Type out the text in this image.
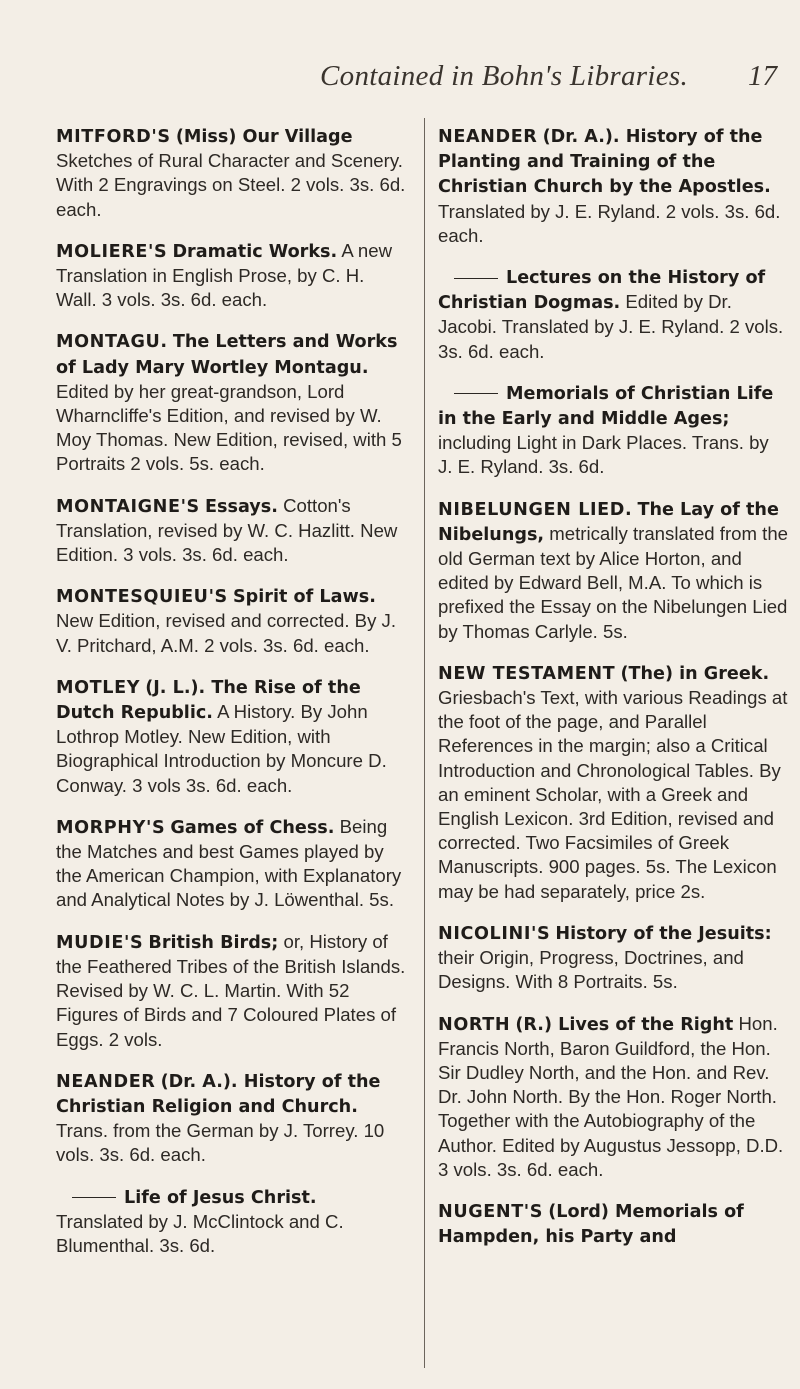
Contained in Bohn's Libraries. 17

MITFORD'S (Miss) Our Village Sketches of Rural Character and Scenery. With 2 Engravings on Steel. 2 vols. 3s. 6d. each.

MOLIERE'S Dramatic Works. A new Translation in English Prose, by C. H. Wall. 3 vols. 3s. 6d. each.

MONTAGU. The Letters and Works of Lady Mary Wortley Montagu. Edited by her great-grandson, Lord Wharncliffe's Edition, and revised by W. Moy Thomas. New Edition, revised, with 5 Portraits 2 vols. 5s. each.

MONTAIGNE'S Essays. Cotton's Translation, revised by W. C. Hazlitt. New Edition. 3 vols. 3s. 6d. each.

MONTESQUIEU'S Spirit of Laws. New Edition, revised and corrected. By J. V. Pritchard, A.M. 2 vols. 3s. 6d. each.

MOTLEY (J. L.). The Rise of the Dutch Republic. A History. By John Lothrop Motley. New Edition, with Biographical Introduction by Moncure D. Conway. 3 vols 3s. 6d. each.

MORPHY'S Games of Chess. Being the Matches and best Games played by the American Champion, with Explanatory and Analytical Notes by J. Löwenthal. 5s.

MUDIE'S British Birds; or, History of the Feathered Tribes of the British Islands. Revised by W. C. L. Martin. With 52 Figures of Birds and 7 Coloured Plates of Eggs. 2 vols.

NEANDER (Dr. A.). History of the Christian Religion and Church. Trans. from the German by J. Torrey. 10 vols. 3s. 6d. each.

Life of Jesus Christ. Translated by J. McClintock and C. Blumenthal. 3s. 6d.

NEANDER (Dr. A.). History of the Planting and Training of the Christian Church by the Apostles. Translated by J. E. Ryland. 2 vols. 3s. 6d. each.

Lectures on the History of Christian Dogmas. Edited by Dr. Jacobi. Translated by J. E. Ryland. 2 vols. 3s. 6d. each.

Memorials of Christian Life in the Early and Middle Ages; including Light in Dark Places. Trans. by J. E. Ryland. 3s. 6d.

NIBELUNGEN LIED. The Lay of the Nibelungs, metrically translated from the old German text by Alice Horton, and edited by Edward Bell, M.A. To which is prefixed the Essay on the Nibelungen Lied by Thomas Carlyle. 5s.

NEW TESTAMENT (The) in Greek. Griesbach's Text, with various Readings at the foot of the page, and Parallel References in the margin; also a Critical Introduction and Chronological Tables. By an eminent Scholar, with a Greek and English Lexicon. 3rd Edition, revised and corrected. Two Facsimiles of Greek Manuscripts. 900 pages. 5s. The Lexicon may be had separately, price 2s.

NICOLINI'S History of the Jesuits: their Origin, Progress, Doctrines, and Designs. With 8 Portraits. 5s.

NORTH (R.) Lives of the Right Hon. Francis North, Baron Guildford, the Hon. Sir Dudley North, and the Hon. and Rev. Dr. John North. By the Hon. Roger North. Together with the Autobiography of the Author. Edited by Augustus Jessopp, D.D. 3 vols. 3s. 6d. each.

NUGENT'S (Lord) Memorials of Hampden, his Party and
